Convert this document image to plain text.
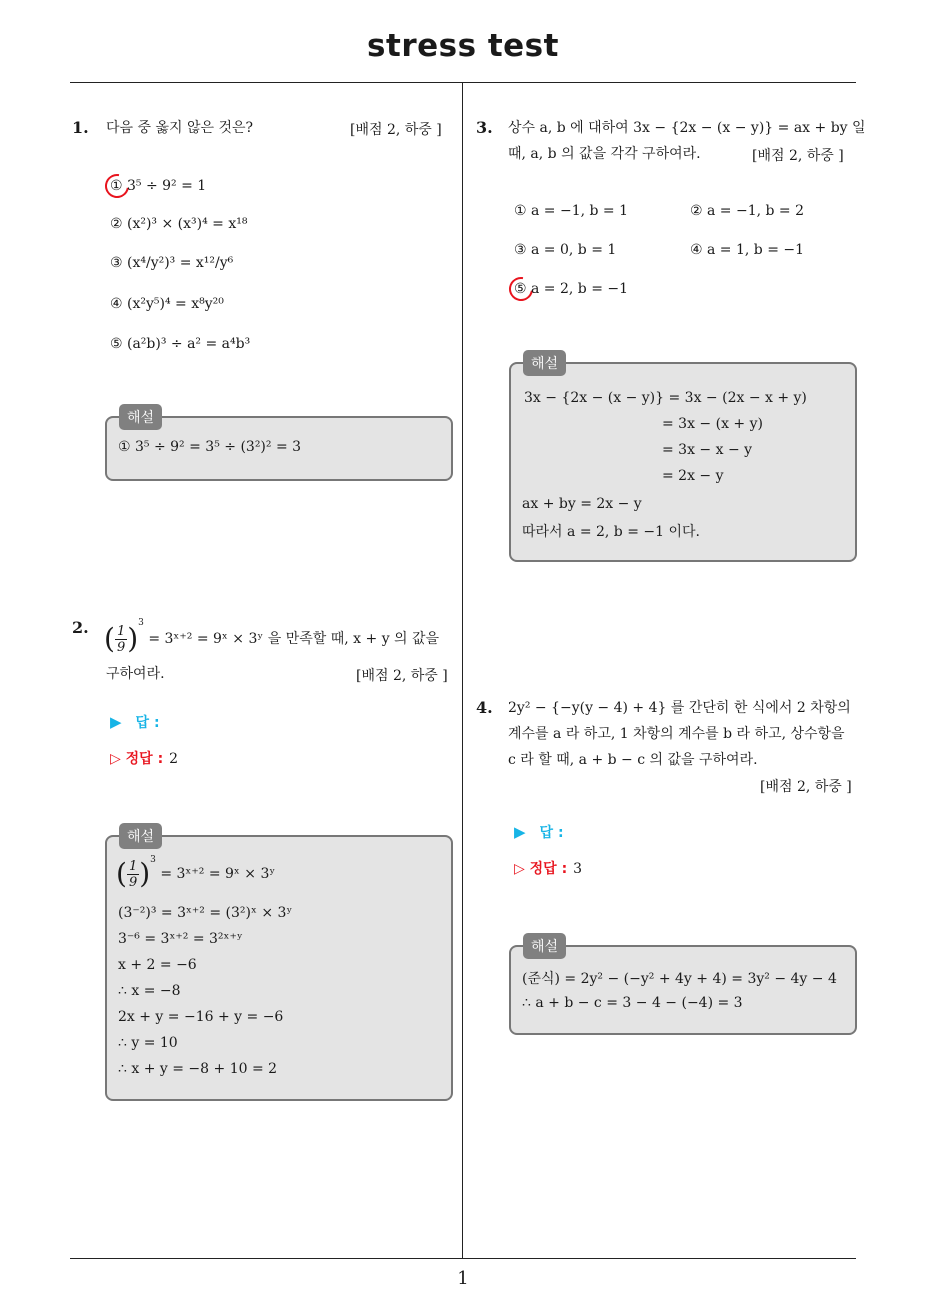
stress test
1
1. 다음 중 옳지 않은 것은?	[배점 2, 하중 ]
① 3⁵ ÷ 9² = 1
② (x²)³ × (x³)⁴ = x¹⁸
③ (x⁴/y²)³ = x¹²/y⁶
④ (x²y⁵)⁴ = x⁸y²⁰
⑤ (a²b)³ ÷ a² = a⁴b³
해설
① 3⁵ ÷ 9² = 3⁵ ÷ (3²)² = 3
2. ( $\frac{1}{9} )^3$ = 3ˣ⁺² = 9ˣ × 3ʸ 을 만족할 때, x + y 의 값을
구하여라.	[배점 2, 하중 ]
▶ 답 :
▷ 정답 : 2
해설
( $\frac{1}{9} )^3$ = 3ˣ⁺² = 9ˣ × 3ʸ
(3⁻²)³ = 3ˣ⁺² = (3²)ˣ × 3ʸ
3⁻⁶ = 3ˣ⁺² = 3²ˣ⁺ʸ
x + 2 = −6
∴ x = −8
2x + y = −16 + y = −6
∴ y = 10
∴ x + y = −8 + 10 = 2
3. 상수 a, b 에 대하여 3x − {2x − (x − y)} = ax + by 일
때, a, b 의 값을 각각 구하여라.	[배점 2, 하중 ]
① a = −1, b = 1	② a = −1, b = 2
③ a = 0, b = 1	④ a = 1, b = −1
⑤ a = 2, b = −1
해설
3x − {2x − (x − y)} = 3x − (2x − x + y)
= 3x − (x + y)
= 3x − x − y
= 2x − y
ax + by = 2x − y
따라서 a = 2, b = −1 이다.
4. 2y² − {−y(y − 4) + 4} 를 간단히 한 식에서 2 차항의
계수를 a 라 하고, 1 차항의 계수를 b 라 하고, 상수항을
c 라 할 때, a + b − c 의 값을 구하여라.
[배점 2, 하중 ]
▶ 답 :
▷ 정답 : 3
해설
(준식) = 2y² − (−y² + 4y + 4) = 3y² − 4y − 4
∴ a + b − c = 3 − 4 − (−4) = 3
